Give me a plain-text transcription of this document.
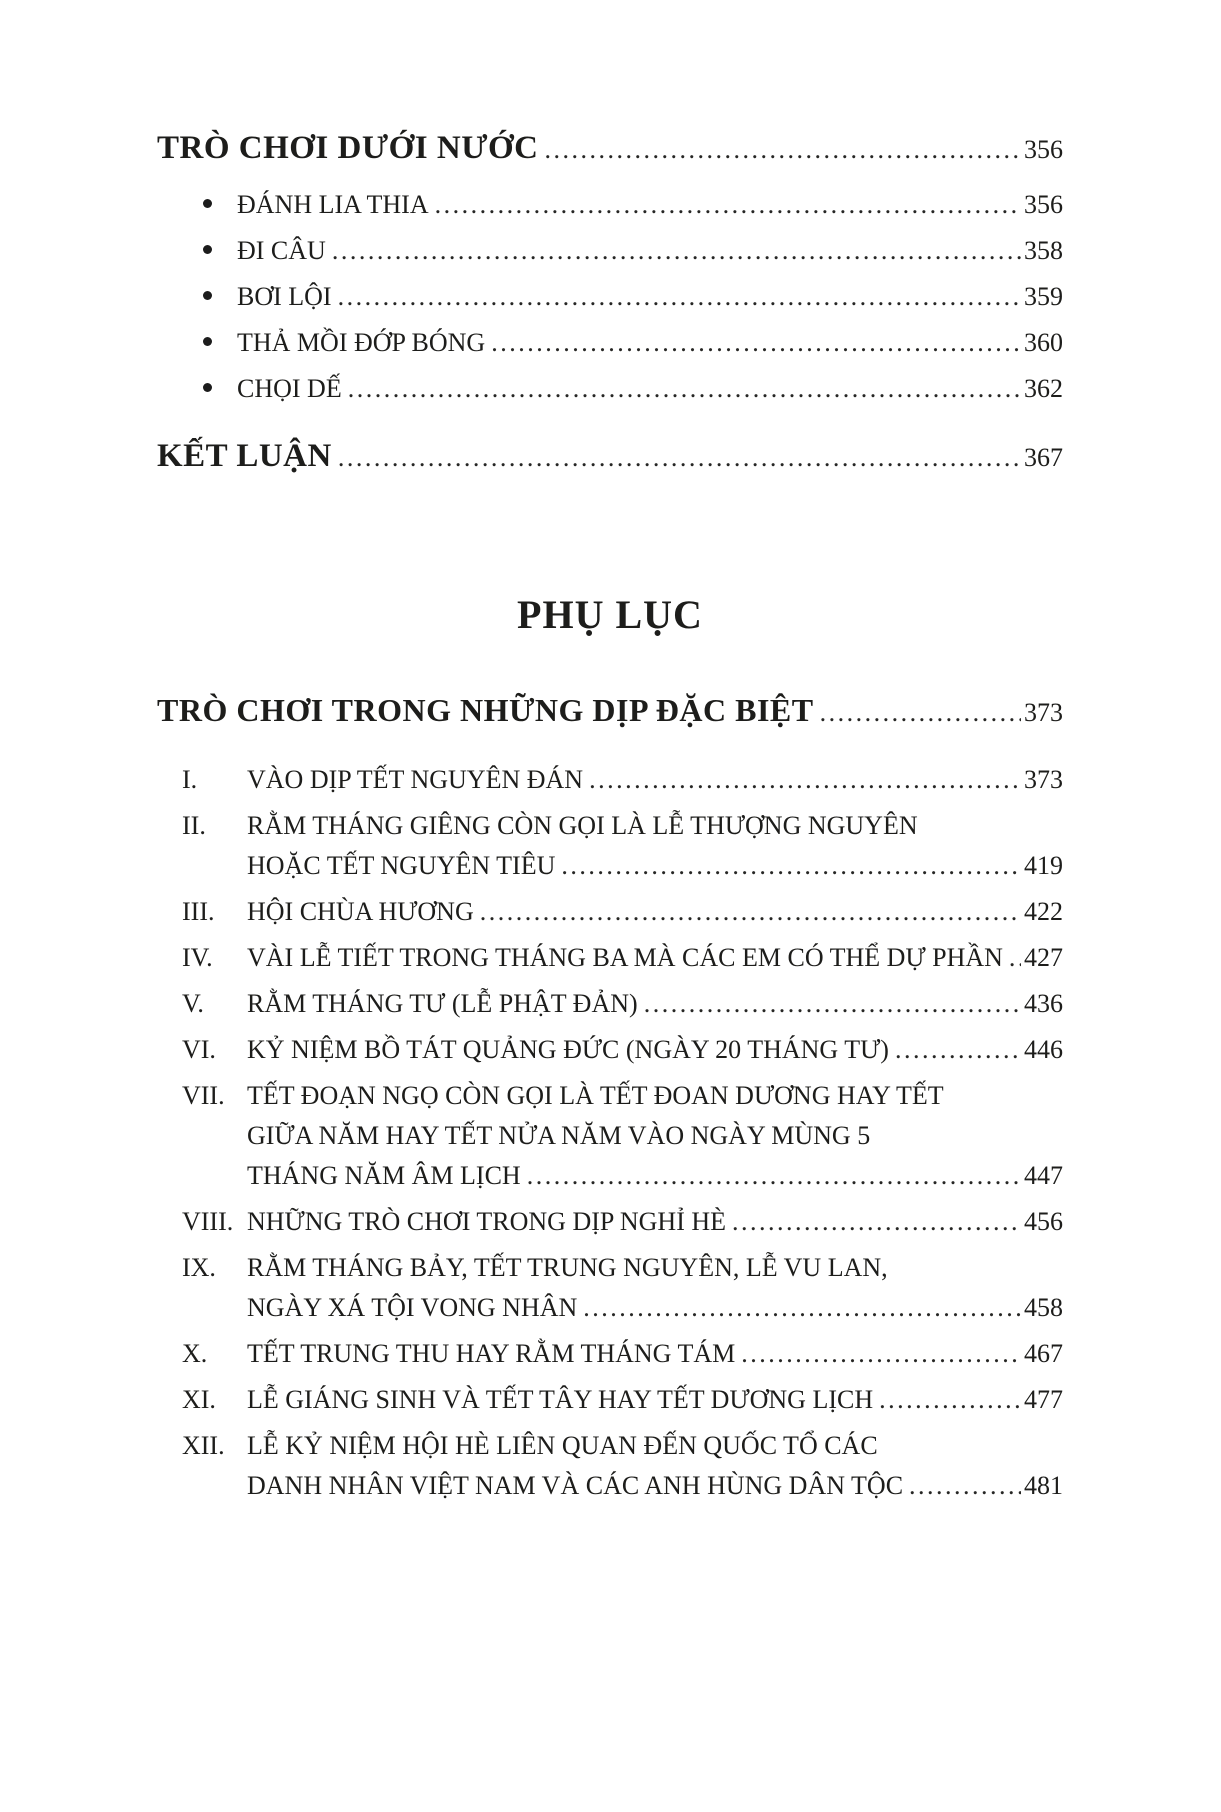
TRÒ CHƠI DƯỚI NƯỚC .....	356
ĐÁNH LIA THIA .....	356
ĐI CÂU .....	358
BƠI LỘI .....	359
THẢ MỒI ĐỚP BÓNG .....	360
CHỌI DẾ .....	362
KẾT LUẬN .....	367
PHỤ LỤC
TRÒ CHƠI TRONG NHỮNG DỊP ĐẶC BIỆT .....	373
I. VÀO DỊP TẾT NGUYÊN ĐÁN .....	373
II. RẰM THÁNG GIÊNG CÒN GỌI LÀ LỄ THƯỢNG NGUYÊN
HOẶC TẾT NGUYÊN TIÊU .....	419
III. HỘI CHÙA HƯƠNG .....	422
IV. VÀI LỄ TIẾT TRONG THÁNG BA MÀ CÁC EM CÓ THỂ DỰ PHẦN ..... 427
V. RẰM THÁNG TƯ (LỄ PHẬT ĐẢN) .....	436
VI. KỶ NIỆM BỒ TÁT QUẢNG ĐỨC (NGÀY 20 THÁNG TƯ) .....	446
VII. TẾT ĐOẠN NGỌ CÒN GỌI LÀ TẾT ĐOAN DƯƠNG HAY TẾT
GIỮA NĂM HAY TẾT NỬA NĂM VÀO NGÀY MÙNG 5
THÁNG NĂM ÂM LỊCH .....	447
VIII. NHỮNG TRÒ CHƠI TRONG DỊP NGHỈ HÈ .....	456
IX. RẰM THÁNG BẢY, TẾT TRUNG NGUYÊN, LỄ VU LAN,
NGÀY XÁ TỘI VONG NHÂN .....	458
X. TẾT TRUNG THU HAY RẰM THÁNG TÁM .....	467
XI. LỄ GIÁNG SINH VÀ TẾT TÂY HAY TẾT DƯƠNG LỊCH .....	477
XII. LỄ KỶ NIỆM HỘI HÈ LIÊN QUAN ĐẾN QUỐC TỔ CÁC
DANH NHÂN VIỆT NAM VÀ CÁC ANH HÙNG DÂN TỘC .....	481
